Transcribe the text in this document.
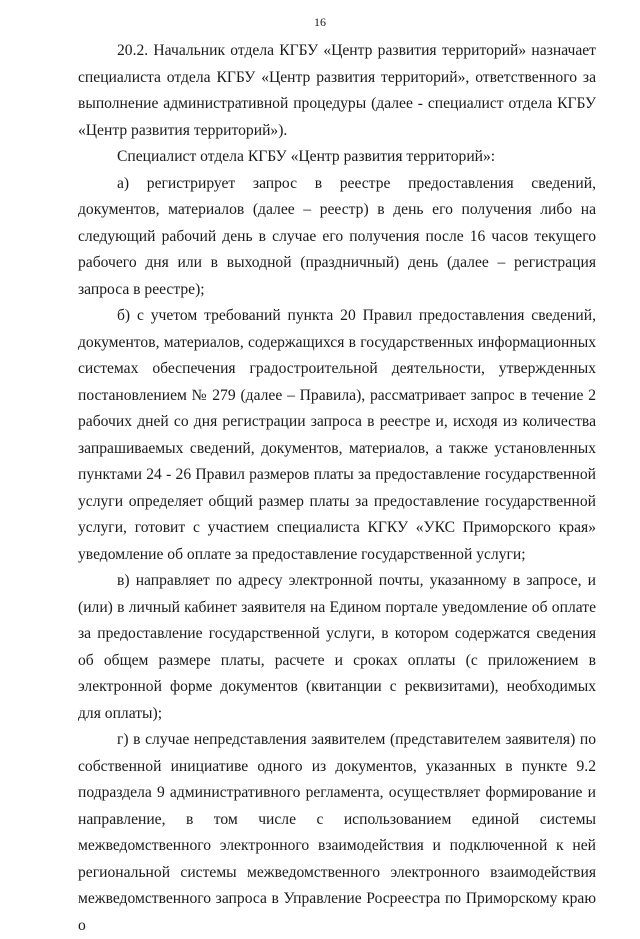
16

20.2. Начальник отдела КГБУ «Центр развития территорий» назначает специалиста отдела КГБУ «Центр развития территорий», ответственного за выполнение административной процедуры (далее - специалист отдела КГБУ «Центр развития территорий»).

Специалист отдела КГБУ «Центр развития территорий»:

а) регистрирует запрос в реестре предоставления сведений, документов, материалов (далее – реестр) в день его получения либо на следующий рабочий день в случае его получения после 16 часов текущего рабочего дня или в выходной (праздничный) день (далее – регистрация запроса в реестре);

б) с учетом требований пункта 20 Правил предоставления сведений, документов, материалов, содержащихся в государственных информационных системах обеспечения градостроительной деятельности, утвержденных постановлением № 279 (далее – Правила), рассматривает запрос в течение 2 рабочих дней со дня регистрации запроса в реестре и, исходя из количества запрашиваемых сведений, документов, материалов, а также установленных пунктами 24 - 26 Правил размеров платы за предоставление государственной услуги определяет общий размер платы за предоставление государственной услуги, готовит с участием специалиста КГКУ «УКС Приморского края» уведомление об оплате за предоставление государственной услуги;

в) направляет по адресу электронной почты, указанному в запросе, и (или) в личный кабинет заявителя на Едином портале уведомление об оплате за предоставление государственной услуги, в котором содержатся сведения об общем размере платы, расчете и сроках оплаты (с приложением в электронной форме документов (квитанции с реквизитами), необходимых для оплаты);

г) в случае непредставления заявителем (представителем заявителя) по собственной инициативе одного из документов, указанных в пункте 9.2 подраздела 9 административного регламента, осуществляет формирование и направление, в том числе с использованием единой системы межведомственного электронного взаимодействия и подключенной к ней региональной системы межведомственного электронного взаимодействия межведомственного запроса в Управление Росреестра по Приморскому краю о
